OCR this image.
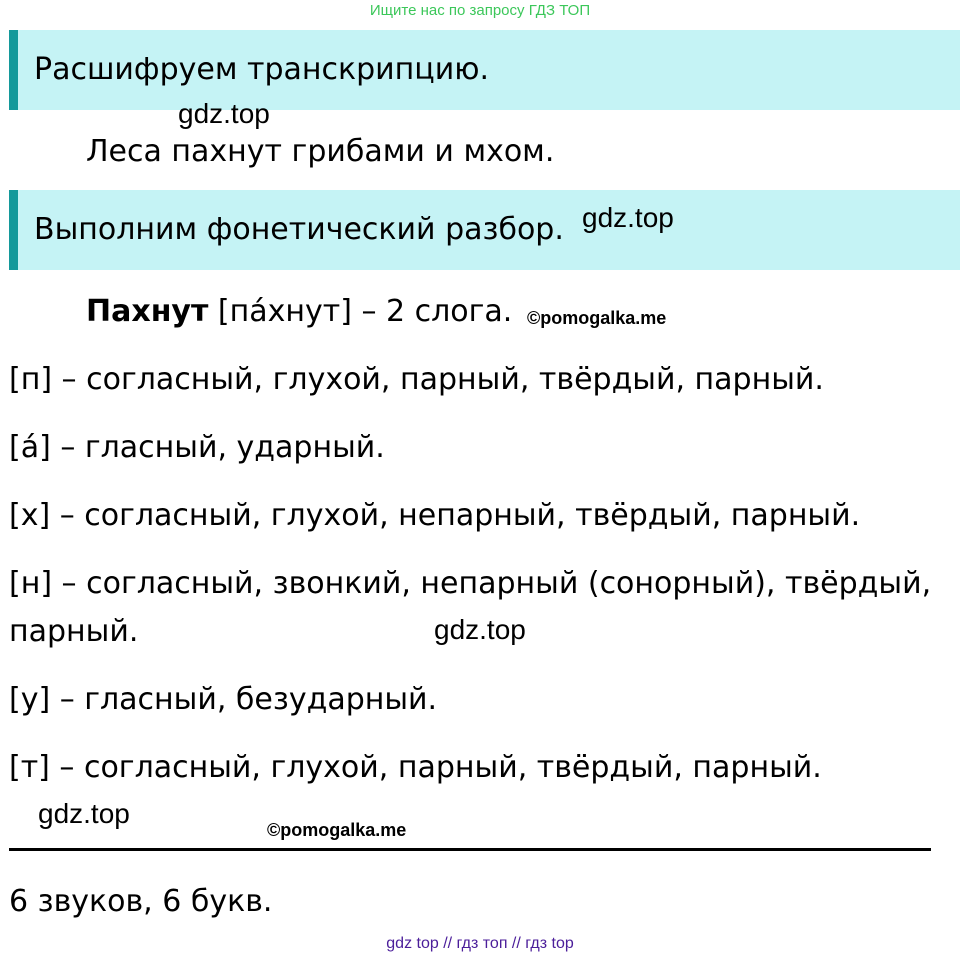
Ищите нас по запросу ГДЗ ТОП
Расшифруем транскрипцию.
gdz.top
Леса пахнут грибами и мхом.
Выполним фонетический разбор. gdz.top
Пахнут [па́хнут] – 2 слога. ©pomogalka.me
[п] – согласный, глухой, парный, твёрдый, парный.
[а́] – гласный, ударный.
[х] – согласный, глухой, непарный, твёрдый, парный.
[н] – согласный, звонкий, непарный (сонорный), твёрдый,
парный.	gdz.top
[у] – гласный, безударный.
[т] – согласный, глухой, парный, твёрдый, парный.
gdz.top
©pomogalka.me
6 звуков, 6 букв.
gdz top // гдз топ // гдз top
